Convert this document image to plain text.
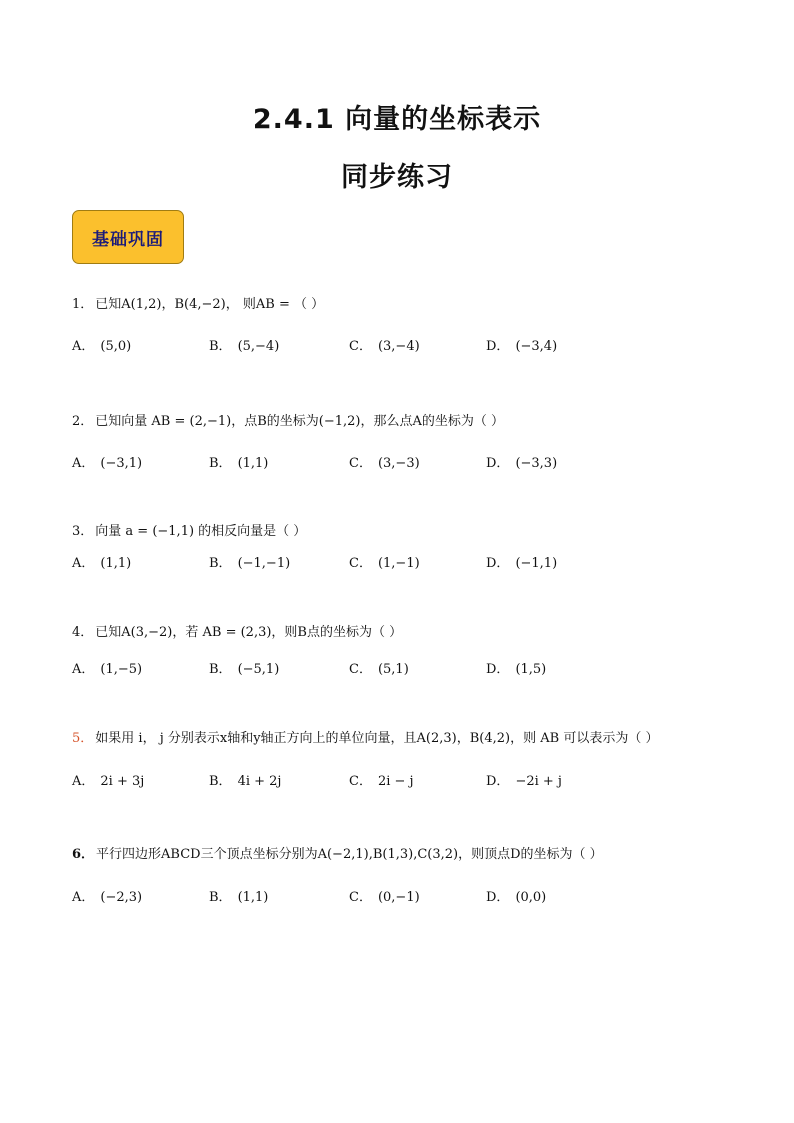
2.4.1 向量的坐标表示
同步练习
基础巩固
1． 已知A(1,2)，B(4,−2)， 则AB = （ ）
A． (5,0)	B． (5,−4)	C． (3,−4)	D． (−3,4)
2． 已知向量 AB = (2,−1)，点B的坐标为(−1,2)，那么点A的坐标为（ ）
A． (−3,1)	B． (1,1)	C． (3,−3)	D． (−3,3)
3． 向量 a = (−1,1) 的相反向量是（ ）
A． (1,1)	B． (−1,−1)	C． (1,−1)	D． (−1,1)
4． 已知A(3,−2)，若 AB = (2,3)，则B点的坐标为（ ）
A． (1,−5)	B． (−5,1)	C． (5,1)	D． (1,5)
5． 如果用 i， j 分别表示x轴和y轴正方向上的单位向量，且A(2,3)，B(4,2)，则 AB 可以表示为（ ）
A． 2i + 3j	B． 4i + 2j	C． 2i − j	D． −2i + j
6． 平行四边形ABCD三个顶点坐标分别为A(−2,1),B(1,3),C(3,2)，则顶点D的坐标为（ ）
A． (−2,3)	B． (1,1)	C． (0,−1)	D． (0,0)
